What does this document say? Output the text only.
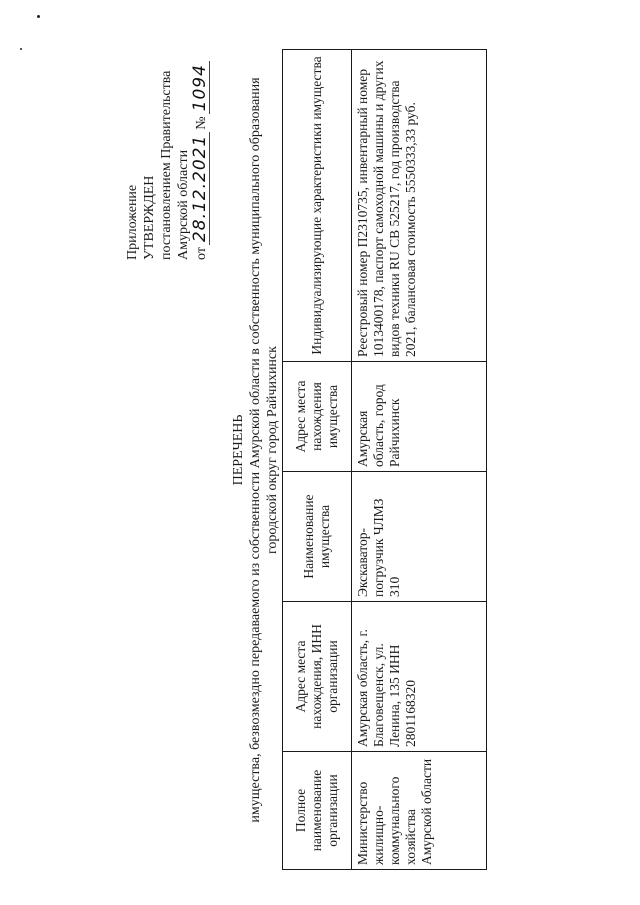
Приложение УТВЕРЖДЕН постановлением Правительства Амурской области от
28.12.2021
№
1094
ПЕРЕЧЕНЬ имущества, безвозмездно передаваемого из собственности Амурской области в собственность муниципального образования городской округ город Райчихинск
Полное наименование организации	Адрес места нахождения, ИНН организации	Наименование имущества	Адрес места нахождения имущества	Индивидуализирующие характеристики имущества
Министерство жилищно-коммунального хозяйства Амурской области	Амурская область, г. Благовещенск, ул. Ленина, 135 ИНН 2801168320	Экскаватор-погрузчик ЧЛМЗ 310	Амурская область, город Райчихинск	Реестровый номер П2310735, инвентарный номер 1013400178, паспорт самоходной машины и других видов техники RU CB 525217, год производства 2021, балансовая стоимость 5550333,33 руб.
